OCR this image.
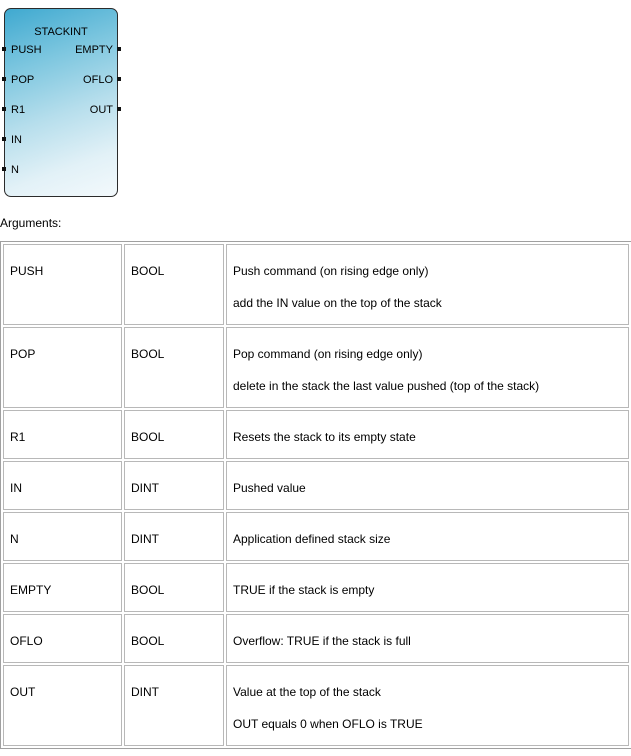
STACKINT
PUSH
POP
R1
IN
N
EMPTY
OFLO
OUT
Arguments:
PUSH	BOOL	Push command (on rising edge only)
add the IN value on the top of the stack

POP	BOOL	Pop command (on rising edge only)
delete in the stack the last value pushed (top of the stack)

R1	BOOL	Resets the stack to its empty state

IN	DINT	Pushed value

N	DINT	Application defined stack size

EMPTY	BOOL	TRUE if the stack is empty

OFLO	BOOL	Overflow: TRUE if the stack is full

OUT	DINT	Value at the top of the stack
OUT equals 0 when OFLO is TRUE
